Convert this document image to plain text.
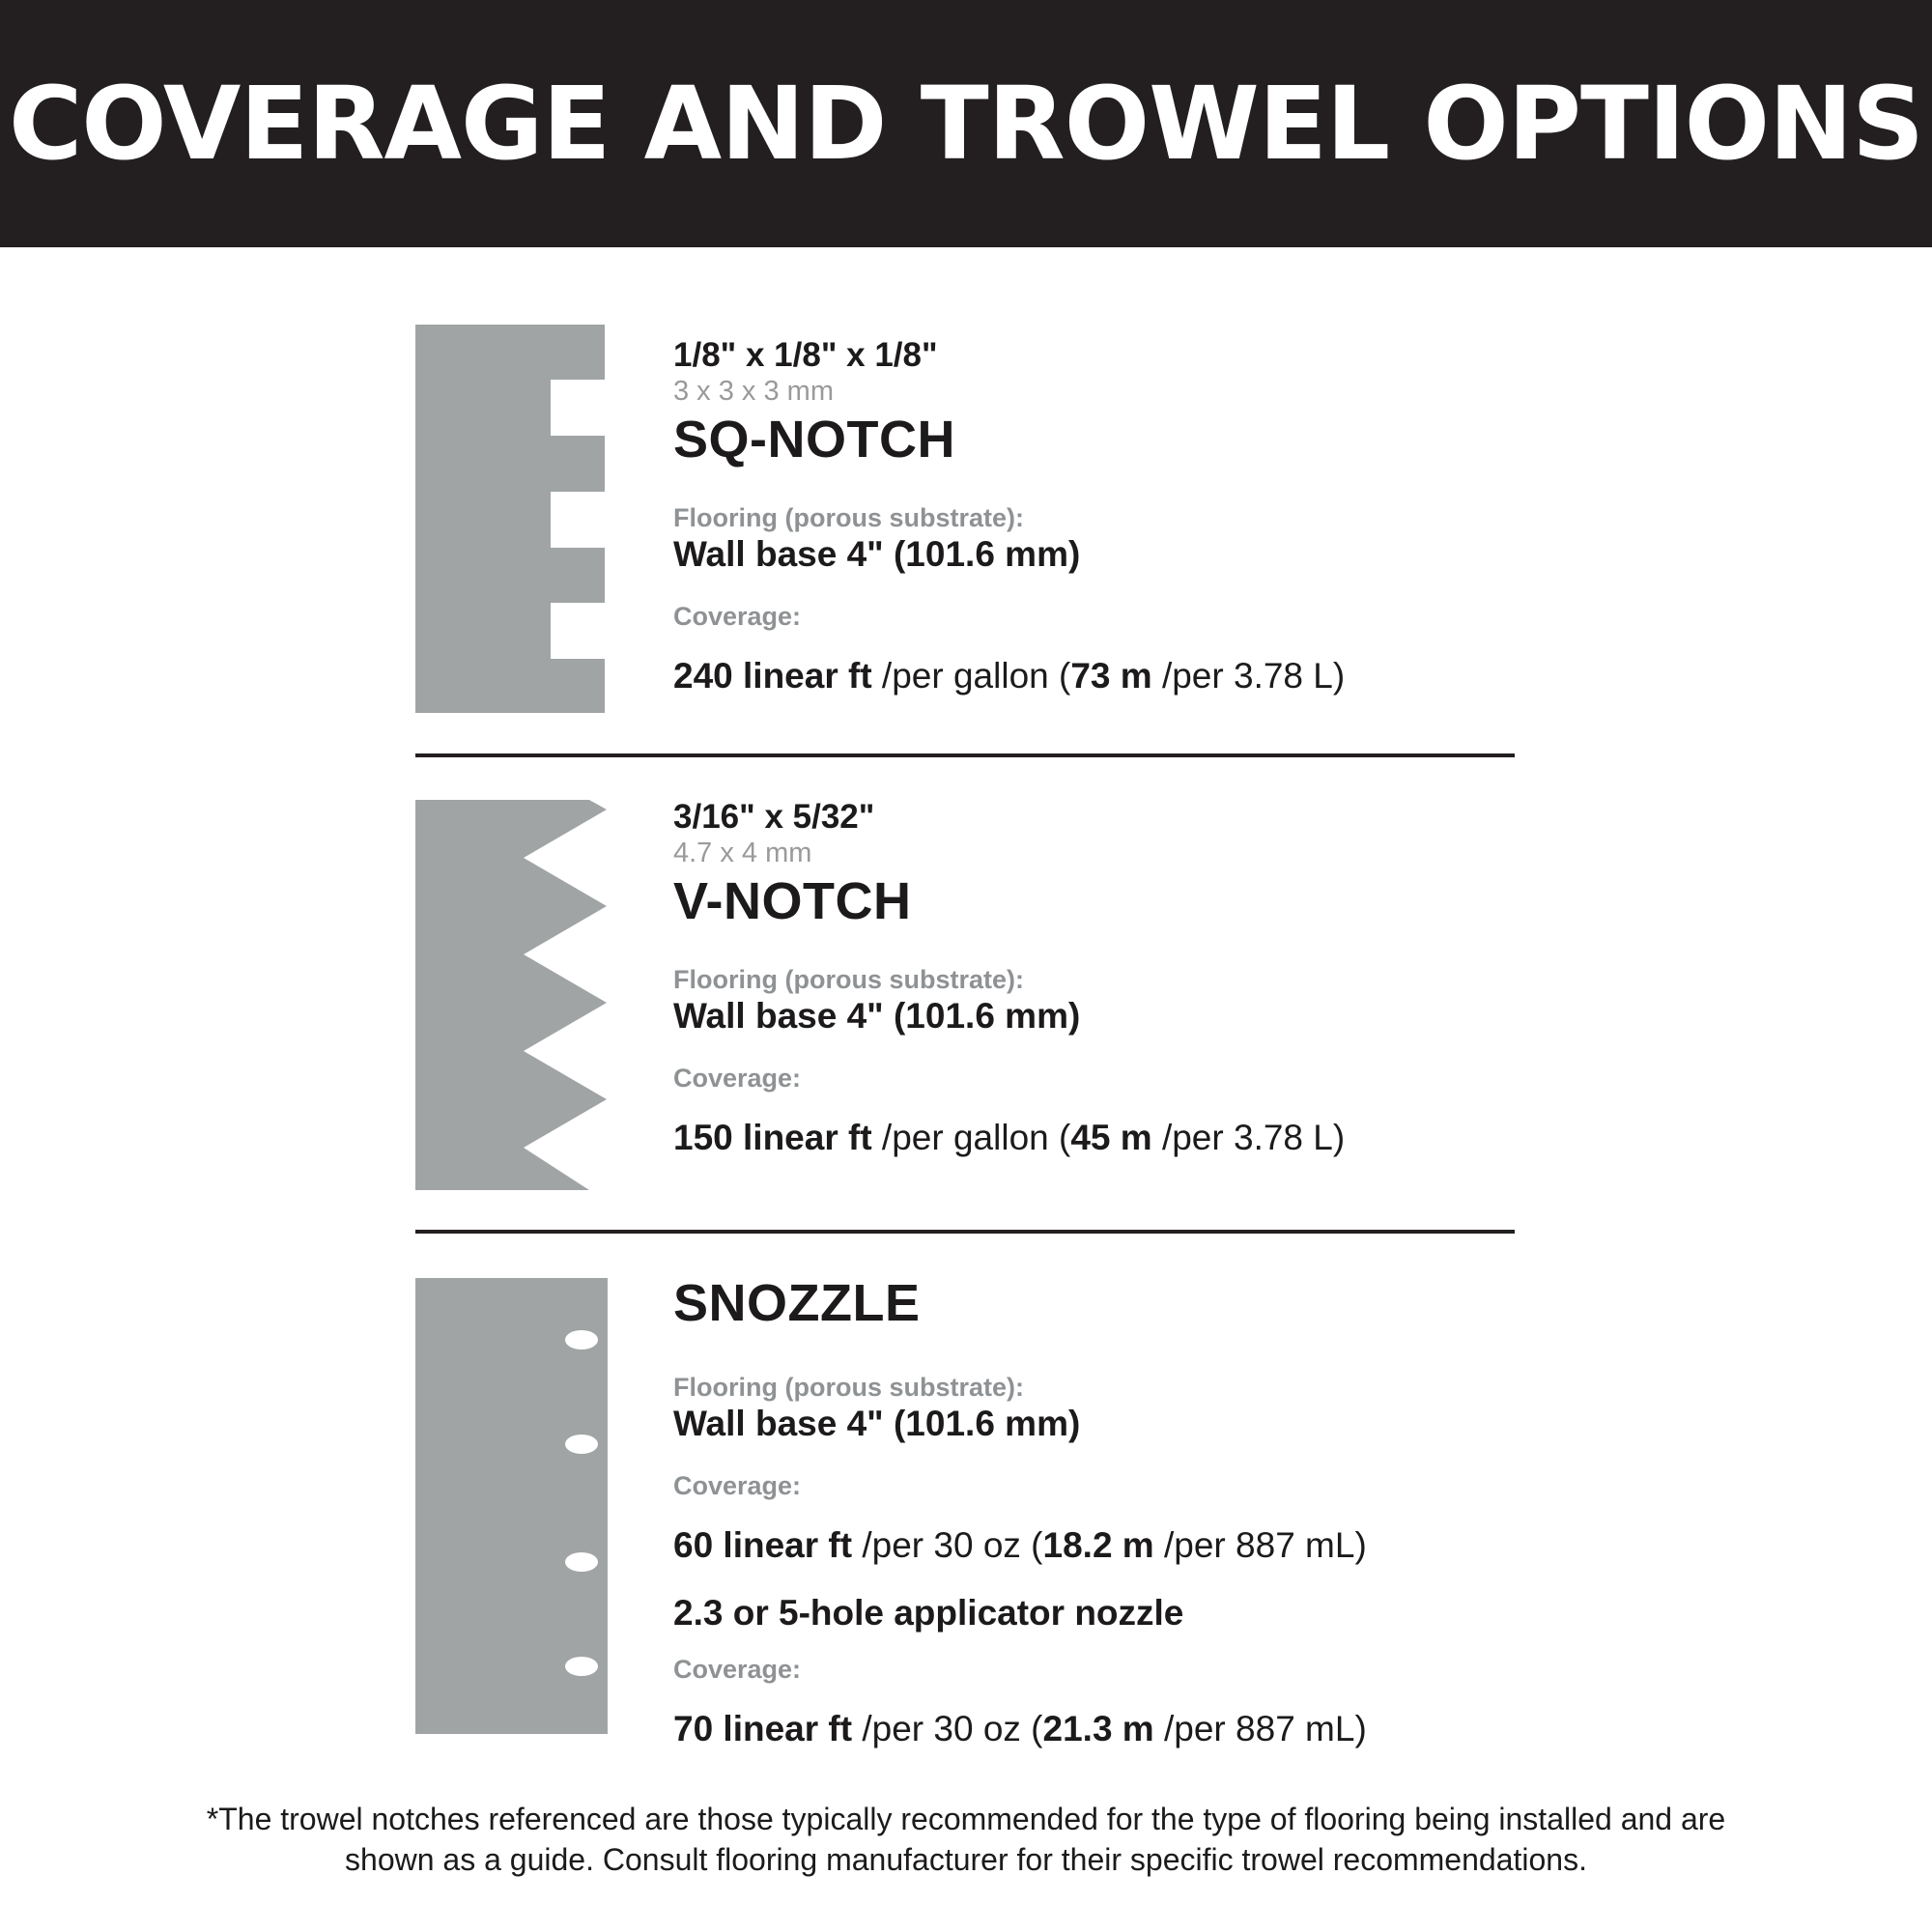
COVERAGE AND TROWEL OPTIONS
1/8" x 1/8" x 1/8"
3 x 3 x 3 mm
SQ-NOTCH
Flooring (porous substrate):
Wall base 4" (101.6 mm)
Coverage:
240 linear ft /per gallon (73 m /per 3.78 L)
3/16" x 5/32"
4.7 x 4 mm
V-NOTCH
Flooring (porous substrate):
Wall base 4" (101.6 mm)
Coverage:
150 linear ft /per gallon (45 m /per 3.78 L)
SNOZZLE
Flooring (porous substrate):
Wall base 4" (101.6 mm)
Coverage:
60 linear ft /per 30 oz (18.2 m /per 887 mL)
2.3 or 5-hole applicator nozzle
Coverage:
70 linear ft /per 30 oz (21.3 m /per 887 mL)
*The trowel notches referenced are those typically recommended for the type of flooring being installed and are
shown as a guide. Consult flooring manufacturer for their specific trowel recommendations.
